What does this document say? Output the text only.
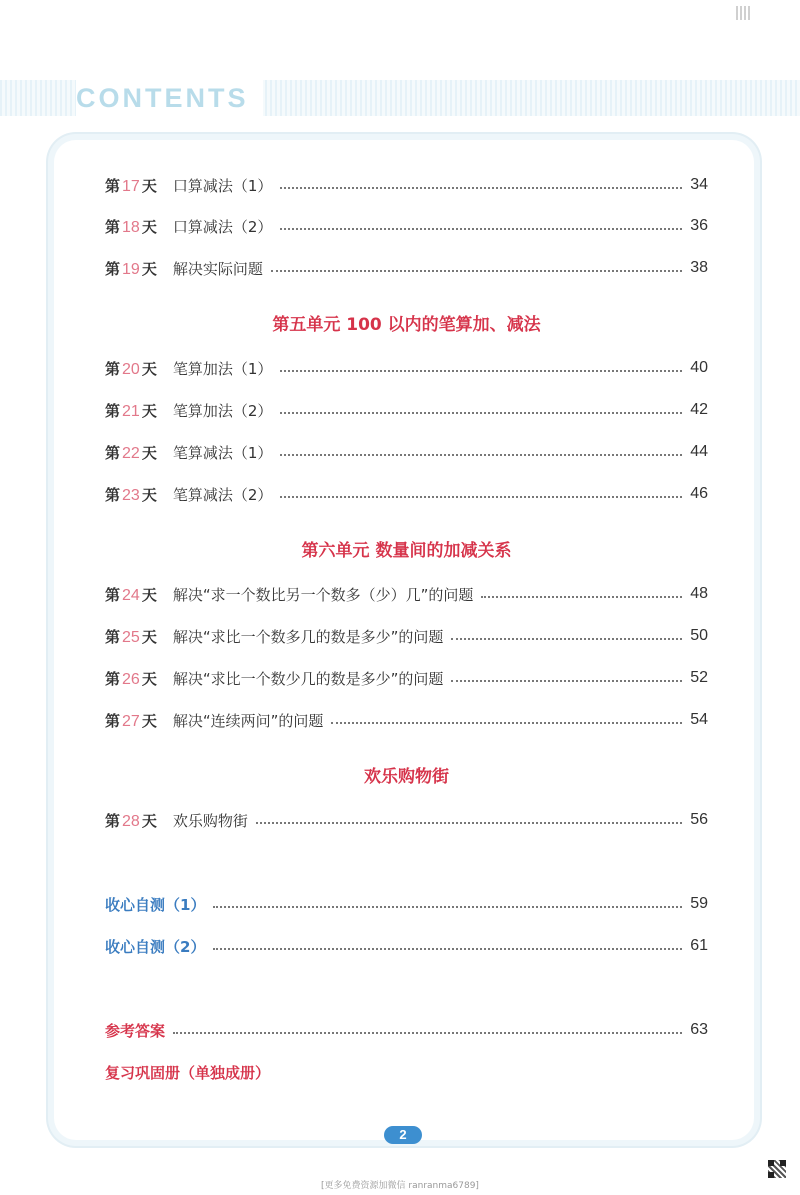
CONTENTS
第 17 天 口算减法（1）	34
第 18 天 口算减法（2）	36
第 19 天 解决实际问题	38
第五单元 100 以内的笔算加、减法
第 20 天 笔算加法（1）	40
第 21 天 笔算加法（2）	42
第 22 天 笔算减法（1）	44
第 23 天 笔算减法（2）	46
第六单元 数量间的加减关系
第 24 天 解决“求一个数比另一个数多（少）几”的问题	48
第 25 天 解决“求比一个数多几的数是多少”的问题	50
第 26 天 解决“求比一个数少几的数是多少”的问题	52
第 27 天 解决“连续两问”的问题	54
欢乐购物街
第 28 天 欢乐购物街	56
收心自测（1）	59
收心自测（2）	61
参考答案	63
复习巩固册（单独成册）
2
[更多免费资源加微信 ranranma6789]
